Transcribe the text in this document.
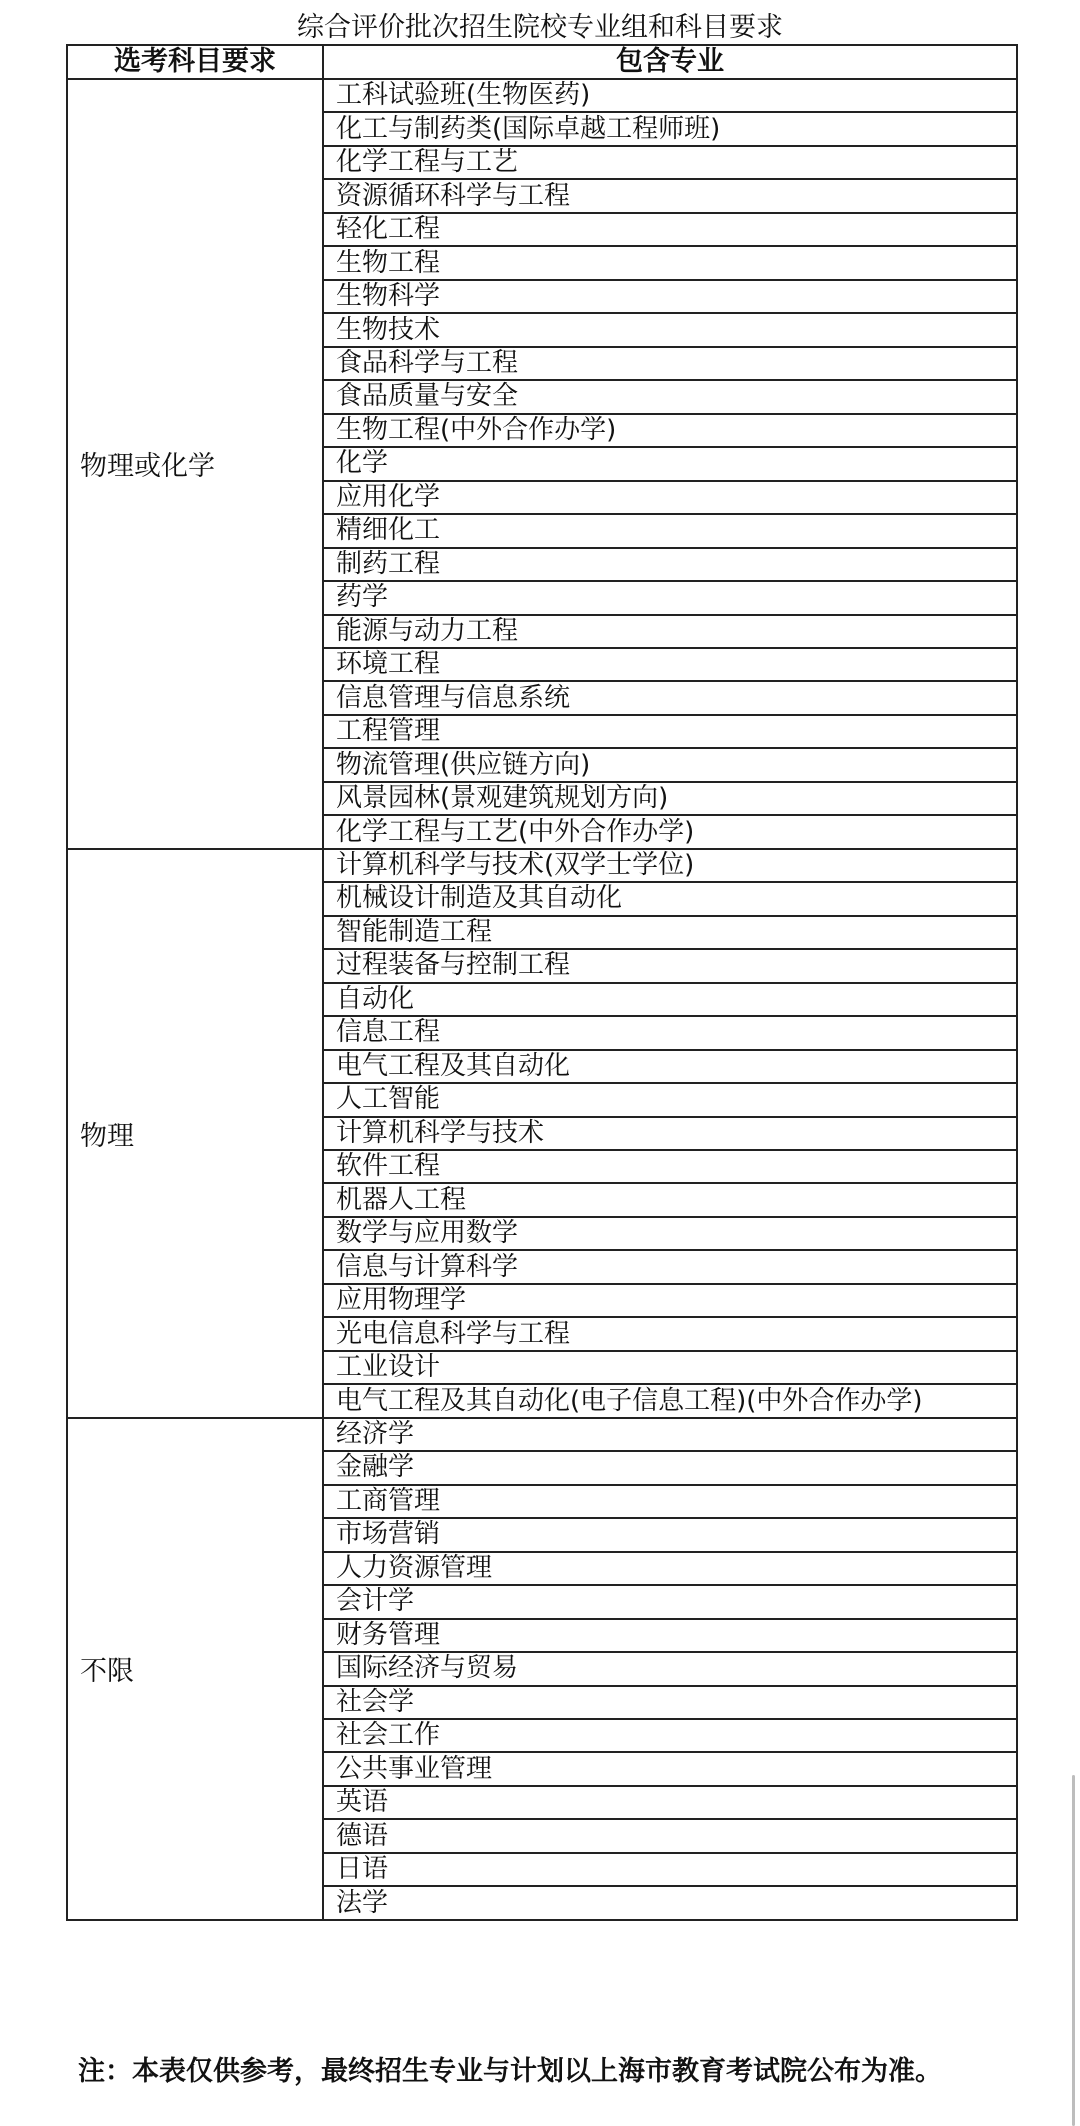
综合评价批次招生院校专业组和科目要求
选考科目要求	包含专业
物理或化学	工科试验班(生物医药)
	化工与制药类(国际卓越工程师班)
	化学工程与工艺
	资源循环科学与工程
	轻化工程
	生物工程
	生物科学
	生物技术
	食品科学与工程
	食品质量与安全
	生物工程(中外合作办学)
	化学
	应用化学
	精细化工
	制药工程
	药学
	能源与动力工程
	环境工程
	信息管理与信息系统
	工程管理
	物流管理(供应链方向)
	风景园林(景观建筑规划方向)
	化学工程与工艺(中外合作办学)
物理	计算机科学与技术(双学士学位)
	机械设计制造及其自动化
	智能制造工程
	过程装备与控制工程
	自动化
	信息工程
	电气工程及其自动化
	人工智能
	计算机科学与技术
	软件工程
	机器人工程
	数学与应用数学
	信息与计算科学
	应用物理学
	光电信息科学与工程
	工业设计
	电气工程及其自动化(电子信息工程)(中外合作办学)
不限	经济学
	金融学
	工商管理
	市场营销
	人力资源管理
	会计学
	财务管理
	国际经济与贸易
	社会学
	社会工作
	公共事业管理
	英语
	德语
	日语
	法学
注：本表仅供参考，最终招生专业与计划以上海市教育考试院公布为准。
